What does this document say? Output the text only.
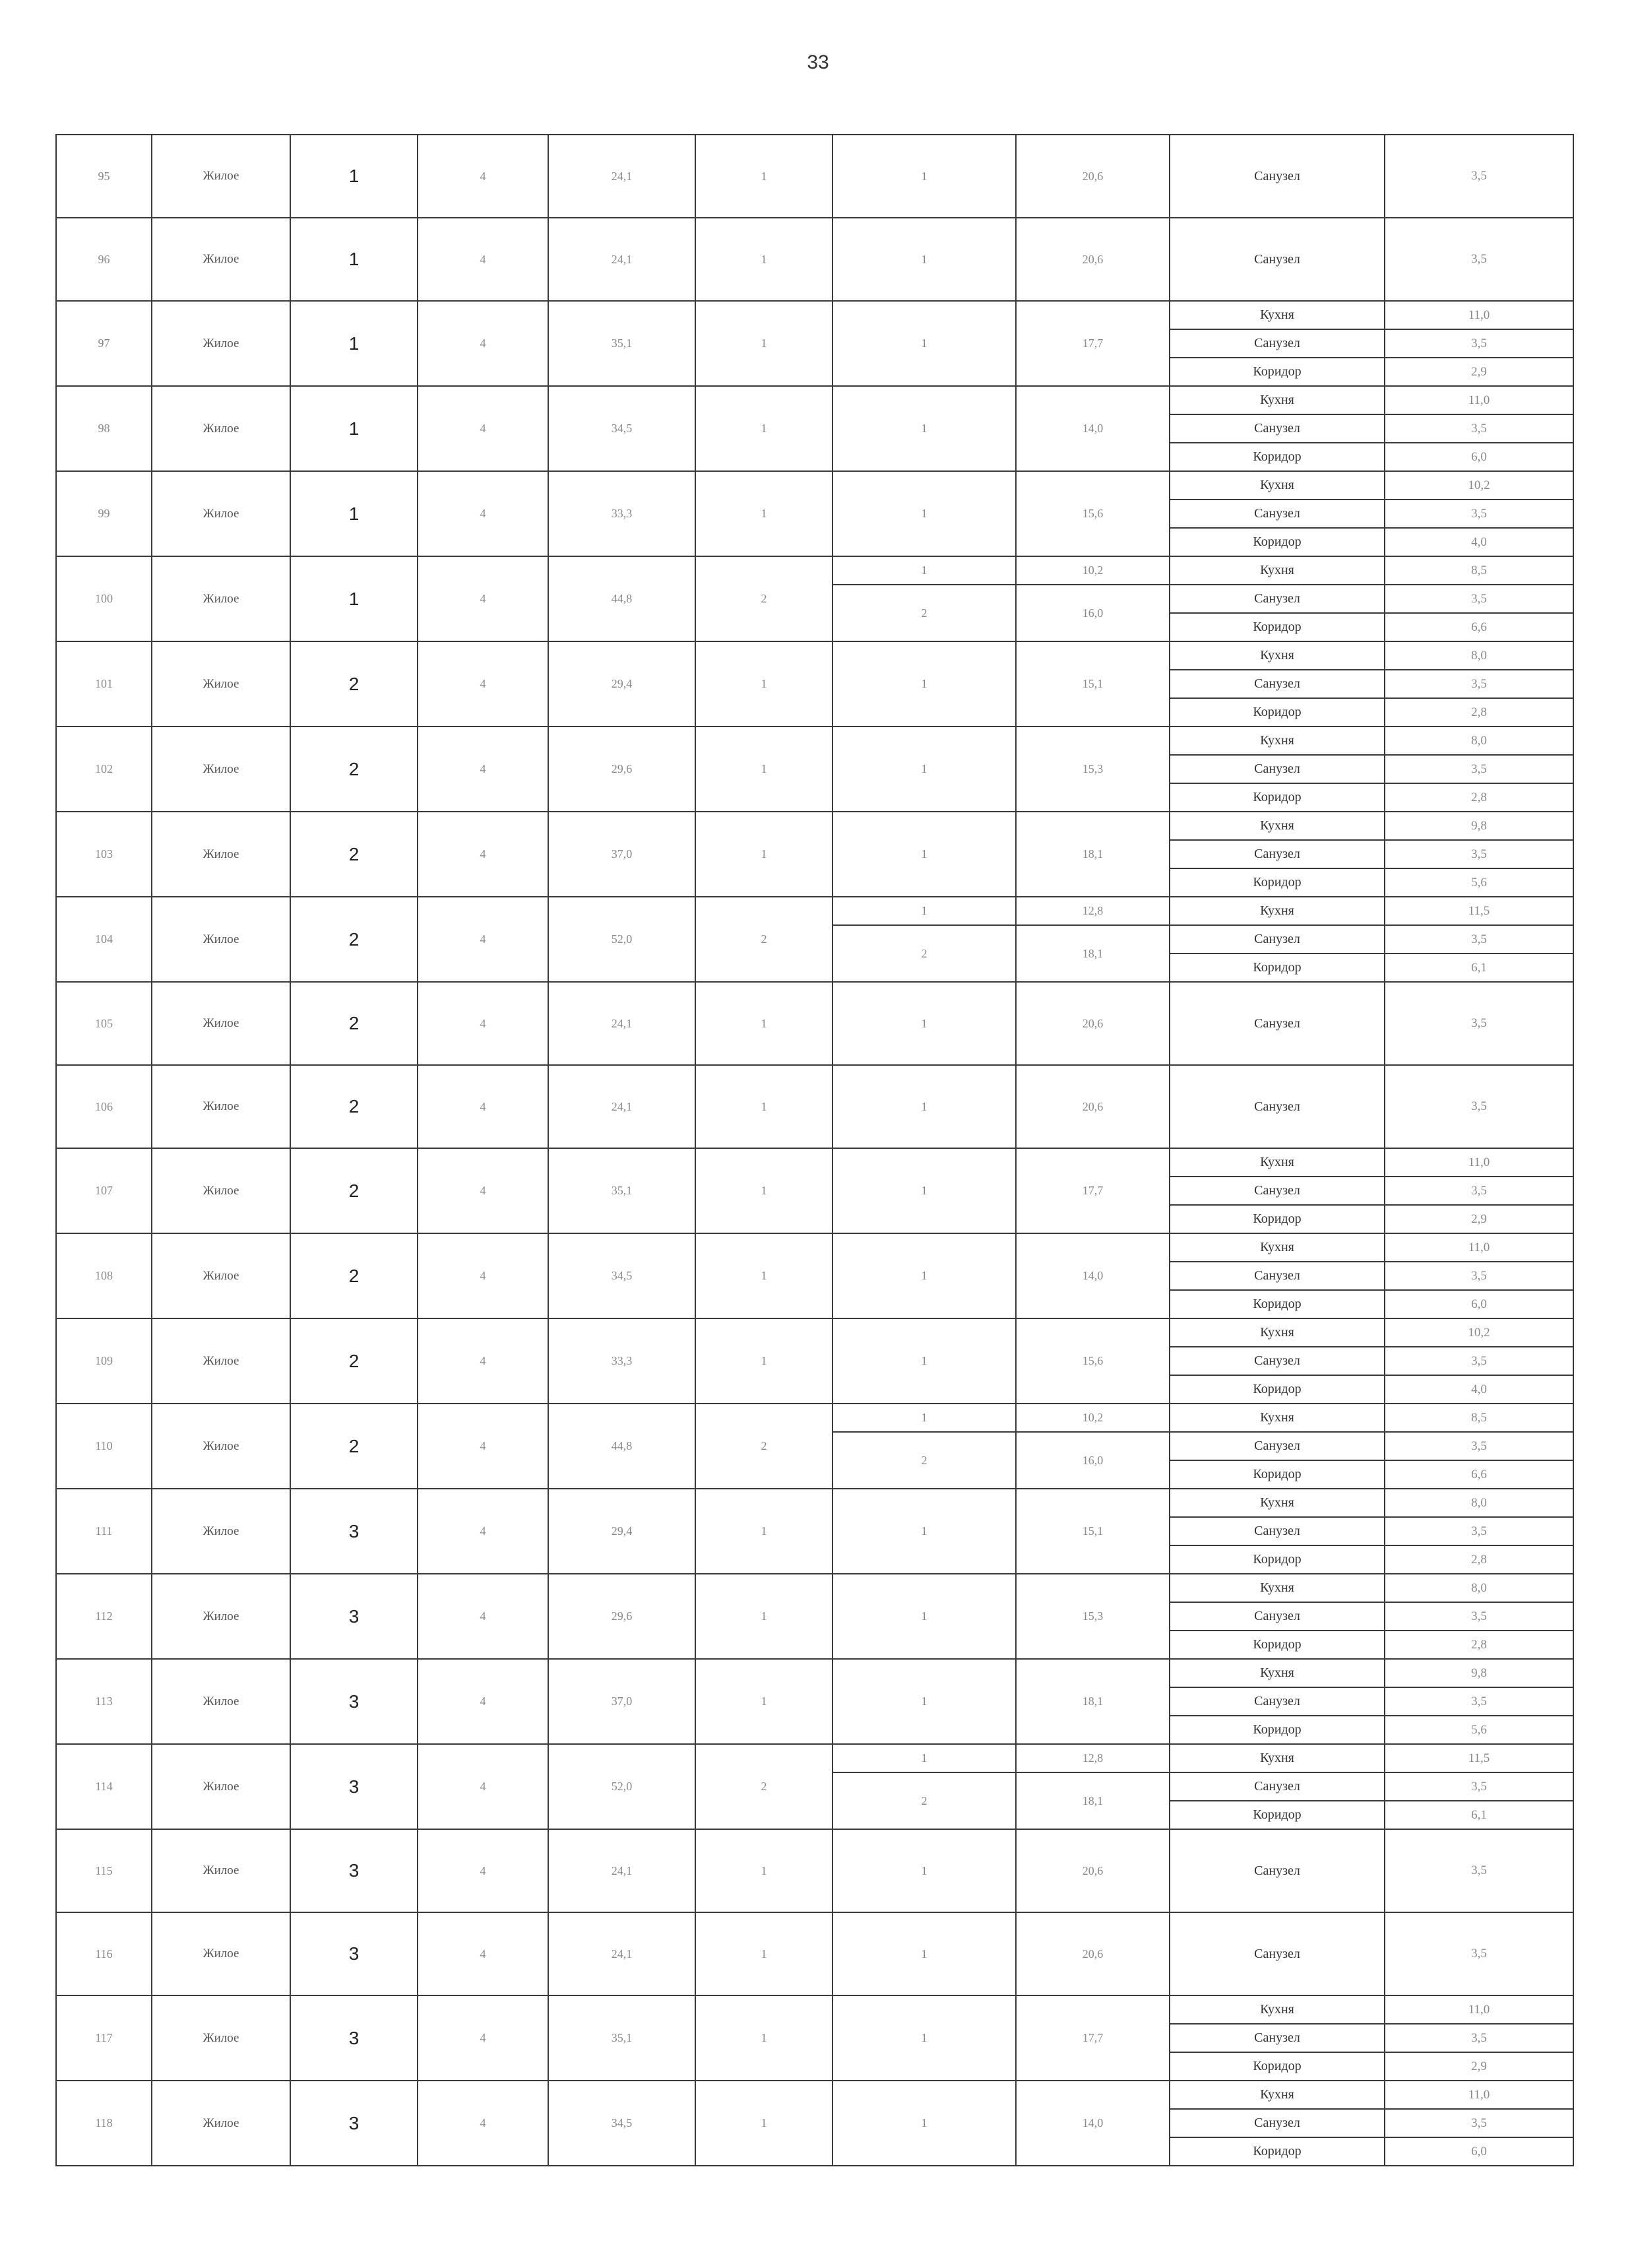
33
95	Жилое	1	4	24,1	1	1	20,6	Санузел	3,5
96	Жилое	1	4	24,1	1	1	20,6	Санузел	3,5
97	Жилое	1	4	35,1	1	1	17,7	Кухня	11,0
								Санузел	3,5
								Коридор	2,9
98	Жилое	1	4	34,5	1	1	14,0	Кухня	11,0
								Санузел	3,5
								Коридор	6,0
99	Жилое	1	4	33,3	1	1	15,6	Кухня	10,2
								Санузел	3,5
								Коридор	4,0
100	Жилое	1	4	44,8	2	1	10,2	Кухня	8,5
						2	16,0	Санузел	3,5
								Коридор	6,6
101	Жилое	2	4	29,4	1	1	15,1	Кухня	8,0
								Санузел	3,5
								Коридор	2,8
102	Жилое	2	4	29,6	1	1	15,3	Кухня	8,0
								Санузел	3,5
								Коридор	2,8
103	Жилое	2	4	37,0	1	1	18,1	Кухня	9,8
								Санузел	3,5
								Коридор	5,6
104	Жилое	2	4	52,0	2	1	12,8	Кухня	11,5
						2	18,1	Санузел	3,5
								Коридор	6,1
105	Жилое	2	4	24,1	1	1	20,6	Санузел	3,5
106	Жилое	2	4	24,1	1	1	20,6	Санузел	3,5
107	Жилое	2	4	35,1	1	1	17,7	Кухня	11,0
								Санузел	3,5
								Коридор	2,9
108	Жилое	2	4	34,5	1	1	14,0	Кухня	11,0
								Санузел	3,5
								Коридор	6,0
109	Жилое	2	4	33,3	1	1	15,6	Кухня	10,2
								Санузел	3,5
								Коридор	4,0
110	Жилое	2	4	44,8	2	1	10,2	Кухня	8,5
						2	16,0	Санузел	3,5
								Коридор	6,6
111	Жилое	3	4	29,4	1	1	15,1	Кухня	8,0
								Санузел	3,5
								Коридор	2,8
112	Жилое	3	4	29,6	1	1	15,3	Кухня	8,0
								Санузел	3,5
								Коридор	2,8
113	Жилое	3	4	37,0	1	1	18,1	Кухня	9,8
								Санузел	3,5
								Коридор	5,6
114	Жилое	3	4	52,0	2	1	12,8	Кухня	11,5
						2	18,1	Санузел	3,5
								Коридор	6,1
115	Жилое	3	4	24,1	1	1	20,6	Санузел	3,5
116	Жилое	3	4	24,1	1	1	20,6	Санузел	3,5
117	Жилое	3	4	35,1	1	1	17,7	Кухня	11,0
								Санузел	3,5
								Коридор	2,9
118	Жилое	3	4	34,5	1	1	14,0	Кухня	11,0
								Санузел	3,5
								Коридор	6,0
